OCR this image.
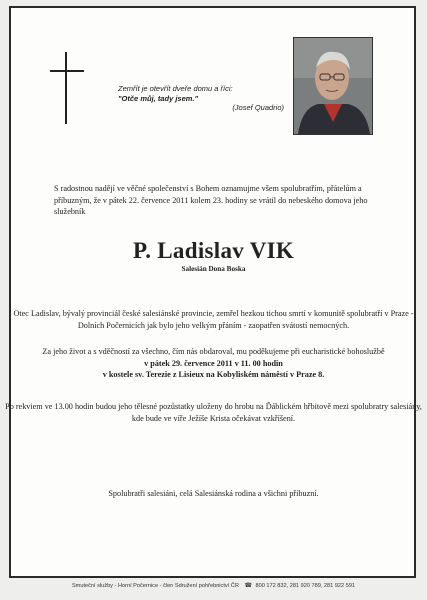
Zemřít je otevřít dveře domu a říci:
"Otče můj, tady jsem."
(Josef Quadrio)
S radostnou nadějí ve věčné společenství s Bohem oznamujme všem spolubratřím, přátelům a příbuzným, že v pátek 22. července 2011 kolem 23. hodiny se vrátil do nebeského domova jeho služebník
P. Ladislav VIK
Salesián Dona Boska
Otec Ladislav, bývalý provinciál české salesiánské provincie, zemřel hezkou tichou smrtí v komunitě spolubratří v Praze - Dolních Počernicích jak bylo jeho velkým přáním - zaopatřen svátostí nemocných.
Za jeho život a s vděčností za všechno, čím nás obdaroval, mu poděkujeme při eucharistické bohoslužbě
v pátek 29. července 2011 v 11. 00 hodin
v kostele sv. Terezie z Lisieux na Kobyliském náměstí v Praze 8.
Po rekviem ve 13.00 hodin budou jeho tělesné pozůstatky uloženy do hrobu na Ďáblickém hřbitově mezi spolubratry salesiány, kde bude ve víře Ježíše Krista očekávat vzkříšení.
Spolubratři salesiáni, celá Salesiánská rodina a všichni příbuzní.
Smuteční služby - Horní Počernice - člen Sdružení pohřebnictví ČR ☎ 800 172 832, 281 920 789, 281 922 591
